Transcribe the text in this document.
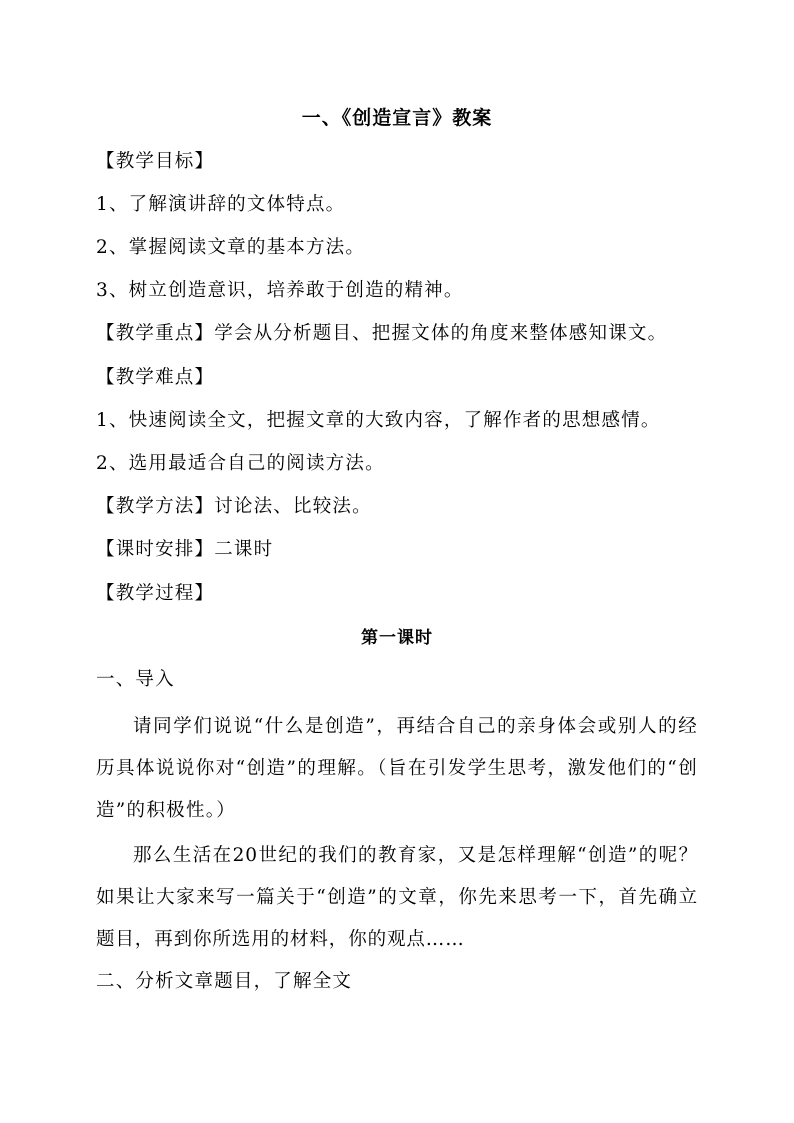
一、《创造宣言》教案
【教学目标】
1、了解演讲辞的文体特点。
2、掌握阅读文章的基本方法。
3、树立创造意识，培养敢于创造的精神。
【教学重点】学会从分析题目、把握文体的角度来整体感知课文。
【教学难点】
1、快速阅读全文，把握文章的大致内容，了解作者的思想感情。
2、选用最适合自己的阅读方法。
【教学方法】讨论法、比较法。
【课时安排】二课时
【教学过程】
第一课时
一、导入
请同学们说说“什么是创造”，再结合自己的亲身体会或别人的经历具体说说你对“创造”的理解。（旨在引发学生思考，激发他们的“创造”的积极性。）
那么生活在20世纪的我们的教育家，又是怎样理解“创造”的呢？如果让大家来写一篇关于“创造”的文章，你先来思考一下，首先确立题目，再到你所选用的材料，你的观点……
二、分析文章题目，了解全文
